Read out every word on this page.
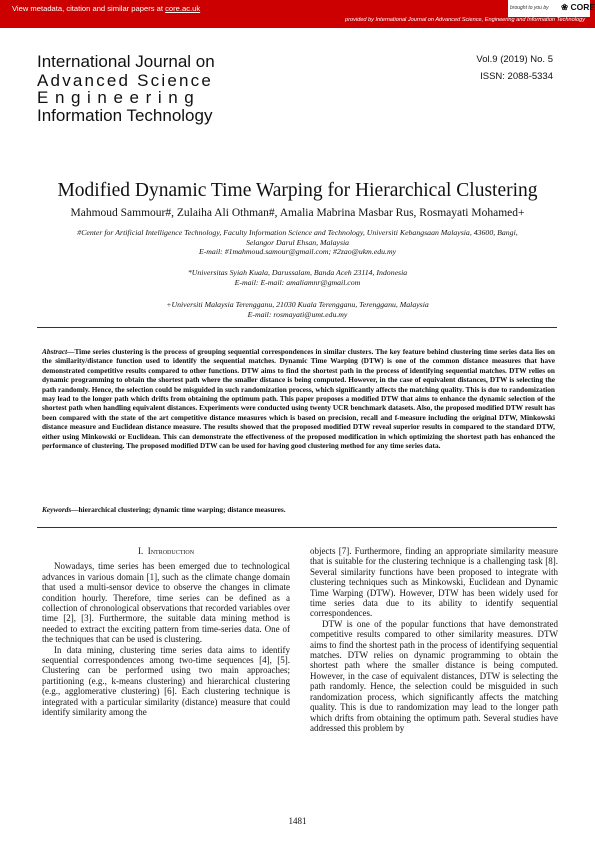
View metadata, citation and similar papers at core.ac.uk	brought to you by ❀ CORE
provided by International Journal on Advanced Science, Engineering and Information Technology
International Journal on
Advanced Science
Engineering
Information Technology
Vol.9 (2019) No. 5
ISSN: 2088-5334
Modified Dynamic Time Warping for Hierarchical Clustering
Mahmoud Sammour#, Zulaiha Ali Othman#, Amalia Mabrina Masbar Rus, Rosmayati Mohamed+
#Center for Artificial Intelligence Technology, Faculty Information Science and Technology, Universiti Kebangsaan Malaysia, 43600, Bangi,
Selangor Darul Ehsan, Malaysia
E-mail: #1mahmoud.samour@gmail.com; #2zao@ukm.edu.my
*Universitas Syiah Kuala, Darussalam, Banda Aceh 23114, Indonesia
E-mail: E-mail: amaliamnr@gmail.com
+Universiti Malaysia Terengganu, 21030 Kuala Terengganu, Terengganu, Malaysia
E-mail: rosmayati@umt.edu.my
Abstract—Time series clustering is the process of grouping sequential correspondences in similar clusters. The key feature behind clustering time series data lies on the similarity/distance function used to identify the sequential matches. Dynamic Time Warping (DTW) is one of the common distance measures that have demonstrated competitive results compared to other functions. DTW aims to find the shortest path in the process of identifying sequential matches. DTW relies on dynamic programming to obtain the shortest path where the smaller distance is being computed. However, in the case of equivalent distances, DTW is selecting the path randomly. Hence, the selection could be misguided in such randomization process, which significantly affects the matching quality. This is due to randomization may lead to the longer path which drifts from obtaining the optimum path. This paper proposes a modified DTW that aims to enhance the dynamic selection of the shortest path when handling equivalent distances. Experiments were conducted using twenty UCR benchmark datasets. Also, the proposed modified DTW result has been compared with the state of the art competitive distance measures which is based on precision, recall and f-measure including the original DTW, Minkowski distance measure and Euclidean distance measure. The results showed that the proposed modified DTW reveal superior results in compared to the standard DTW, either using Minkowski or Euclidean. This can demonstrate the effectiveness of the proposed modification in which optimizing the shortest path has enhanced the performance of clustering. The proposed modified DTW can be used for having good clustering method for any time series data.
Keywords—hierarchical clustering; dynamic time warping; distance measures.

I. Introduction

Nowadays, time series has been emerged due to technological advances in various domain [1], such as the climate change domain that used a multi-sensor device to observe the changes in climate condition hourly. Therefore, time series can be defined as a collection of chronological observations that recorded variables over time [2], [3]. Furthermore, the suitable data mining method is needed to extract the exciting pattern from time-series data. One of the techniques that can be used is clustering.

In data mining, clustering time series data aims to identify sequential correspondences among two-time sequences [4], [5]. Clustering can be performed using two main approaches; partitioning (e.g., k-means clustering) and hierarchical clustering (e.g., agglomerative clustering) [6]. Each clustering technique is integrated with a particular similarity (distance) measure that could identify similarity among the

objects [7]. Furthermore, finding an appropriate similarity measure that is suitable for the clustering technique is a challenging task [8]. Several similarity functions have been proposed to integrate with clustering techniques such as Minkowski, Euclidean and Dynamic Time Warping (DTW). However, DTW has been widely used for time series data due to its ability to identify sequential correspondences.

DTW is one of the popular functions that have demonstrated competitive results compared to other similarity measures. DTW aims to find the shortest path in the process of identifying sequential matches. DTW relies on dynamic programming to obtain the shortest path where the smaller distance is being computed. However, in the case of equivalent distances, DTW is selecting the path randomly. Hence, the selection could be misguided in such randomization process, which significantly affects the matching quality. This is due to randomization may lead to the longer path which drifts from obtaining the optimum path. Several studies have addressed this problem by

1481
